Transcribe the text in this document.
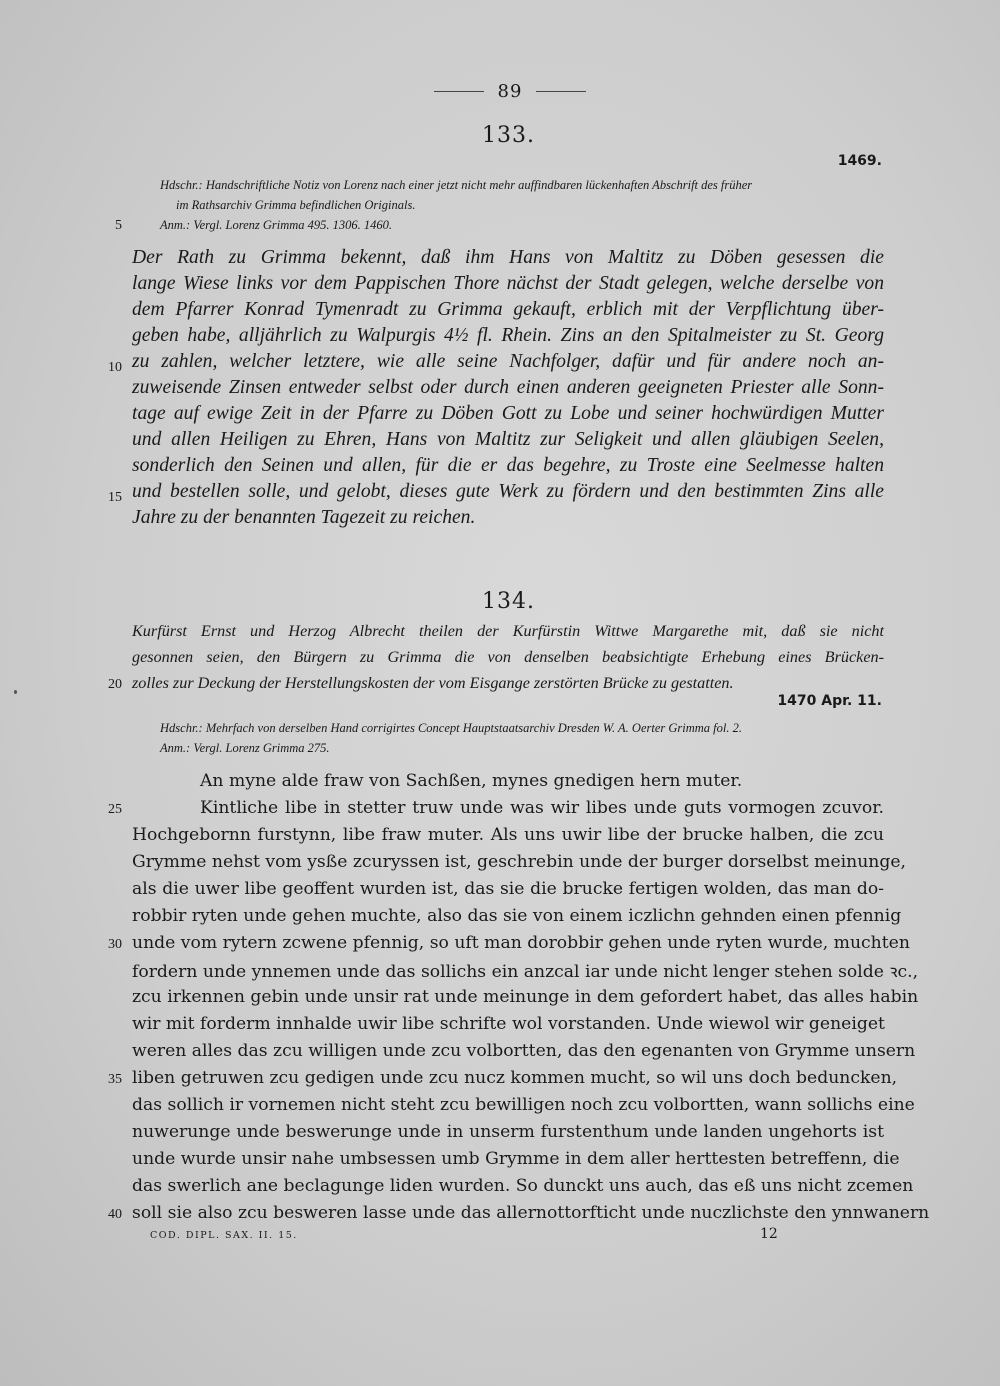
89
133.
1469.
Hdschr.: Handschriftliche Notiz von Lorenz nach einer jetzt nicht mehr auffindbaren lückenhaften Abschrift des früher
im Rathsarchiv Grimma befindlichen Originals.
Anm.: Vergl. Lorenz Grimma 495. 1306. 1460.
Der Rath zu Grimma bekennt, daß ihm Hans von Maltitz zu Döben gesessen die
lange Wiese links vor dem Pappischen Thore nächst der Stadt gelegen, welche derselbe von
dem Pfarrer Konrad Tymenradt zu Grimma gekauft, erblich mit der Verpflichtung über-
geben habe, alljährlich zu Walpurgis 4½ fl. Rhein. Zins an den Spitalmeister zu St. Georg
zu zahlen, welcher letztere, wie alle seine Nachfolger, dafür und für andere noch an-
zuweisende Zinsen entweder selbst oder durch einen anderen geeigneten Priester alle Sonn-
tage auf ewige Zeit in der Pfarre zu Döben Gott zu Lobe und seiner hochwürdigen Mutter
und allen Heiligen zu Ehren, Hans von Maltitz zur Seligkeit und allen gläubigen Seelen,
sonderlich den Seinen und allen, für die er das begehre, zu Troste eine Seelmesse halten
und bestellen solle, und gelobt, dieses gute Werk zu fördern und den bestimmten Zins alle
Jahre zu der benannten Tagezeit zu reichen.
134.
Kurfürst Ernst und Herzog Albrecht theilen der Kurfürstin Wittwe Margarethe mit, daß sie nicht
gesonnen seien, den Bürgern zu Grimma die von denselben beabsichtigte Erhebung eines Brücken-
zolles zur Deckung der Herstellungskosten der vom Eisgange zerstörten Brücke zu gestatten.
1470 Apr. 11.
Hdschr.: Mehrfach von derselben Hand corrigirtes Concept Hauptstaatsarchiv Dresden W. A. Oerter Grimma fol. 2.
Anm.: Vergl. Lorenz Grimma 275.
An myne alde fraw von Sachßen, mynes gnedigen hern muter.
Kintliche libe in stetter truw unde was wir libes unde guts vormogen zcuvor.
Hochgebornn furstynn, libe fraw muter. Als uns uwir libe der brucke halben, die zcu
Grymme nehst vom ysße zcuryssen ist, geschrebin unde der burger dorselbst meinunge,
als die uwer libe geoffent wurden ist, das sie die brucke fertigen wolden, das man do-
robbir ryten unde gehen muchte, also das sie von einem iczlichn gehnden einen pfennig
unde vom rytern zcwene pfennig, so uft man dorobbir gehen unde ryten wurde, muchten
fordern unde ynnemen unde das sollichs ein anzcal iar unde nicht lenger stehen solde ꝛc.,
zcu irkennen gebin unde unsir rat unde meinunge in dem gefordert habet, das alles habin
wir mit forderm innhalde uwir libe schrifte wol vorstanden. Unde wiewol wir geneiget
weren alles das zcu willigen unde zcu volbortten, das den egenanten von Grymme unsern
liben getruwen zcu gedigen unde zcu nucz kommen mucht, so wil uns doch beduncken,
das sollich ir vornemen nicht steht zcu bewilligen noch zcu volbortten, wann sollichs eine
nuwerunge unde beswerunge unde in unserm furstenthum unde landen ungehorts ist
unde wurde unsir nahe umbsessen umb Grymme in dem aller herttesten betreffenn, die
das swerlich ane beclagunge liden wurden. So dunckt uns auch, das eß uns nicht zcemen
soll sie also zcu besweren lasse unde das allernottorfticht unde nuczlichste den ynnwanern
5
10
15
20
25
30
35
40
COD. DIPL. SAX. II. 15.	12
